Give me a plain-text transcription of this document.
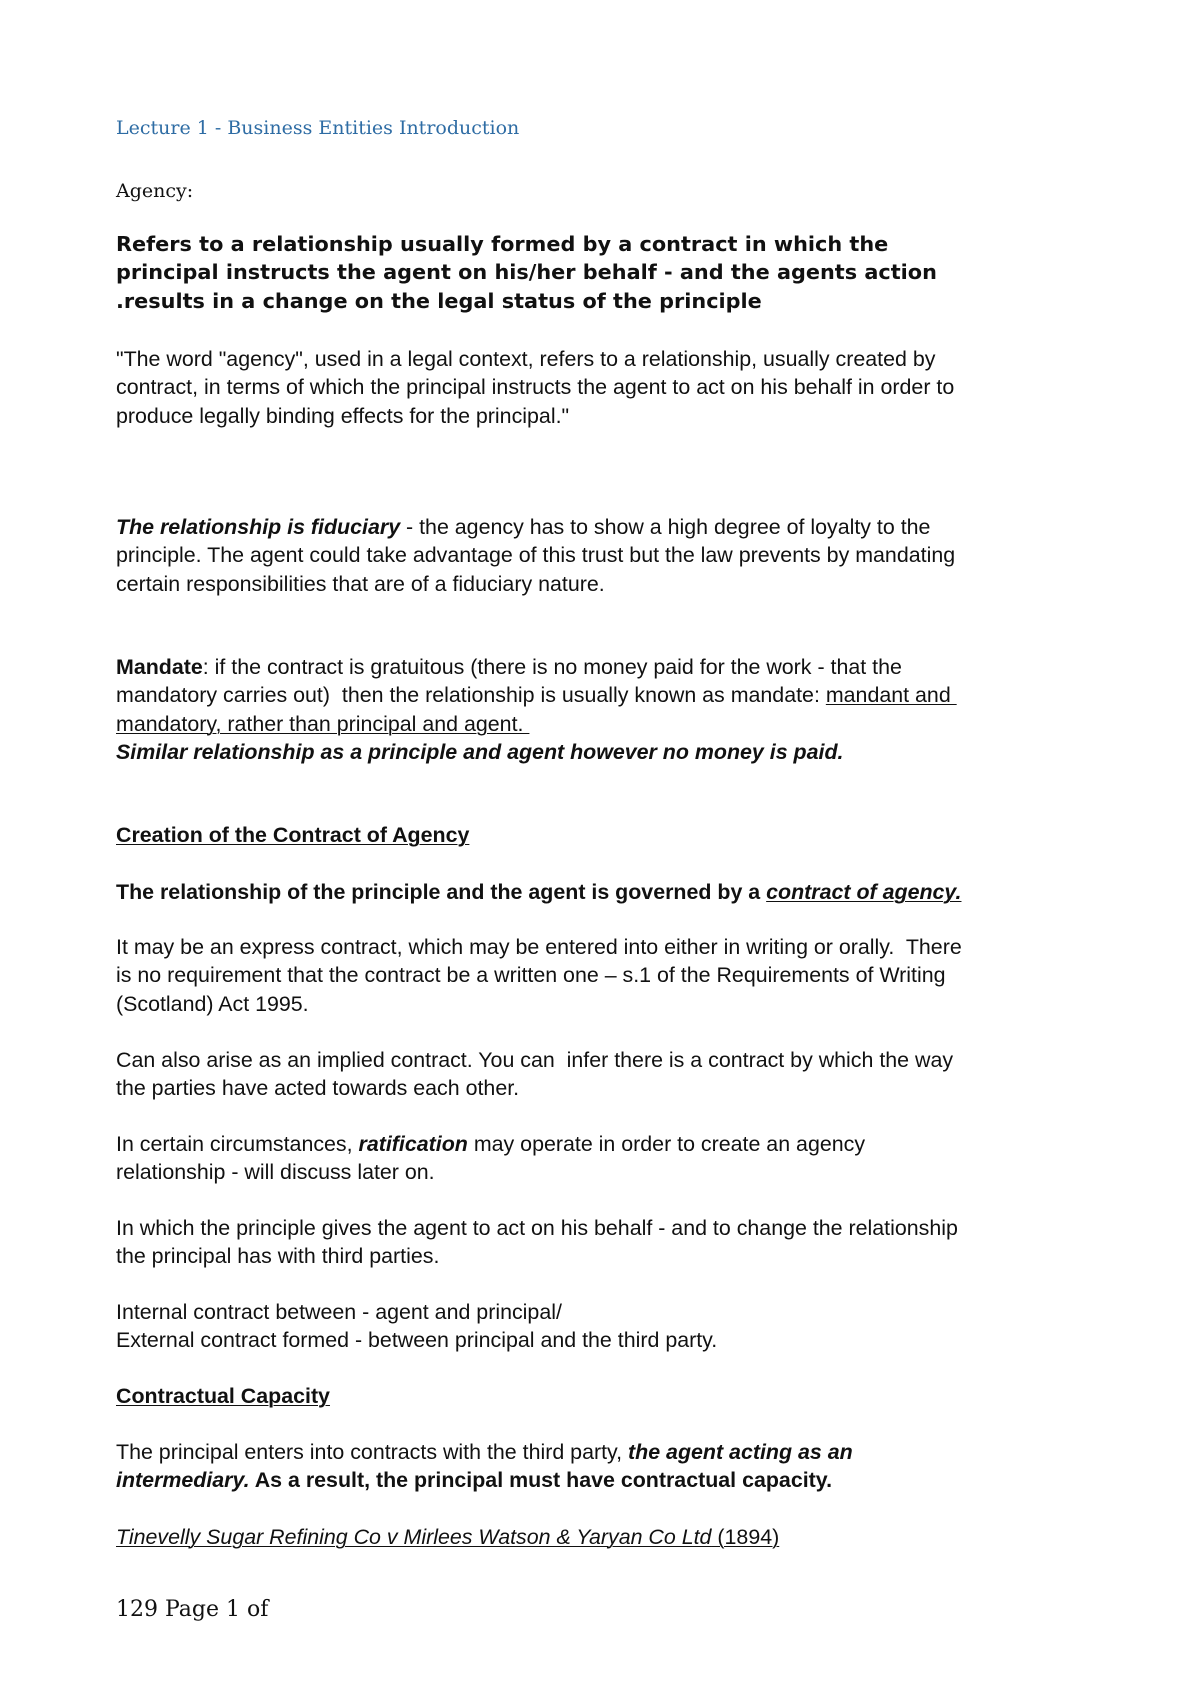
Lecture 1 - Business Entities Introduction
Agency:
Refers to a relationship usually formed by a contract in which the
principal instructs the agent on his/her behalf - and the agents action
.results in a change on the legal status of the principle
"The word "agency", used in a legal context, refers to a relationship, usually created by
contract, in terms of which the principal instructs the agent to act on his behalf in order to
produce legally binding effects for the principal."
The relationship is fiduciary - the agency has to show a high degree of loyalty to the
principle. The agent could take advantage of this trust but the law prevents by mandating
certain responsibilities that are of a fiduciary nature.
Mandate: if the contract is gratuitous (there is no money paid for the work - that the
mandatory carries out)  then the relationship is usually known as mandate: mandant and
mandatory, rather than principal and agent.
Similar relationship as a principle and agent however no money is paid.
Creation of the Contract of Agency
The relationship of the principle and the agent is governed by a contract of agency.
It may be an express contract, which may be entered into either in writing or orally.  There
is no requirement that the contract be a written one – s.1 of the Requirements of Writing
(Scotland) Act 1995.
Can also arise as an implied contract. You can  infer there is a contract by which the way
the parties have acted towards each other.
In certain circumstances, ratification may operate in order to create an agency
relationship - will discuss later on.
In which the principle gives the agent to act on his behalf - and to change the relationship
the principal has with third parties.
Internal contract between - agent and principal/
External contract formed - between principal and the third party.
Contractual Capacity
The principal enters into contracts with the third party, the agent acting as an
intermediary. As a result, the principal must have contractual capacity.
Tinevelly Sugar Refining Co v Mirlees Watson & Yaryan Co Ltd (1894)
129 Page 1 of
